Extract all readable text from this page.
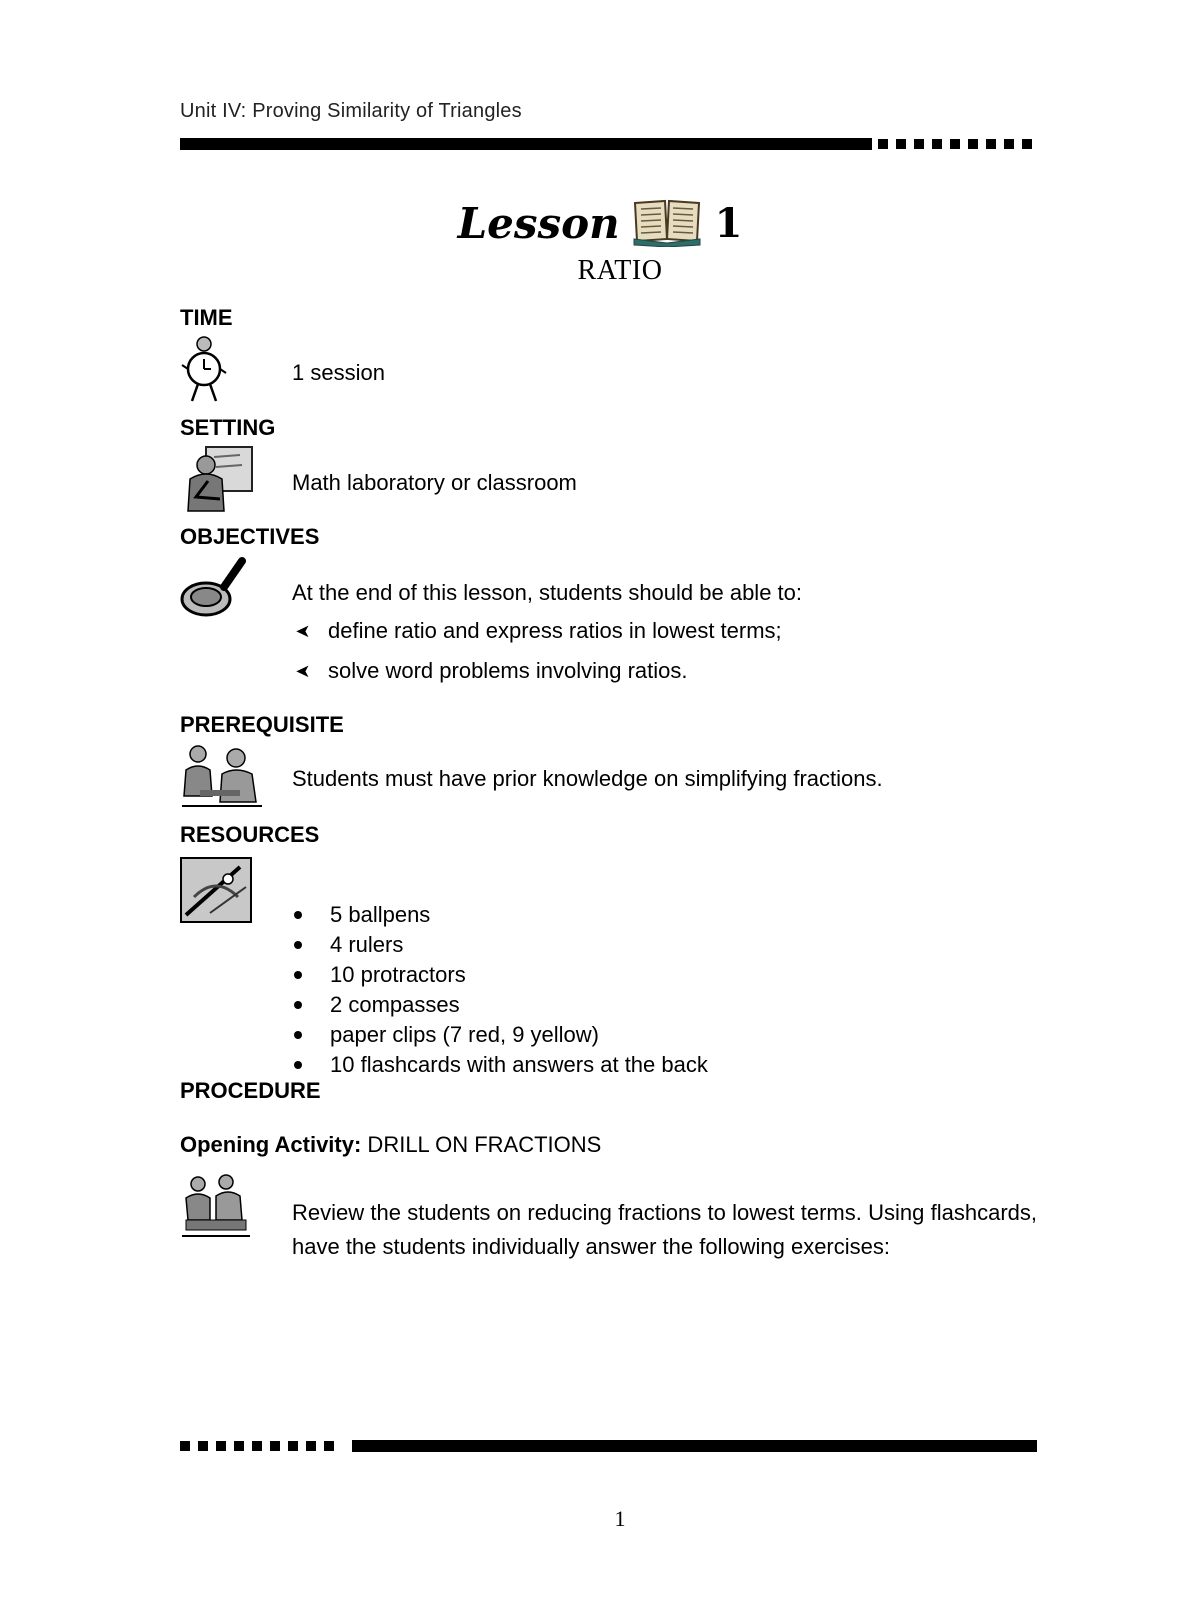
Unit IV: Proving Similarity of Triangles
Lesson 1
RATIO
TIME
1 session
SETTING
Math laboratory or classroom
OBJECTIVES
At the end of this lesson, students should be able to:
➤ define ratio and express ratios in lowest terms;
➤ solve word problems involving ratios.
PREREQUISITE
Students must have prior knowledge on simplifying fractions.
RESOURCES
5 ballpens
4 rulers
10 protractors
2 compasses
paper clips (7 red, 9 yellow)
10 flashcards with answers at the back
PROCEDURE
Opening Activity: DRILL ON FRACTIONS
Review the students on reducing fractions to lowest terms. Using flashcards, have the students individually answer the following exercises:
1
